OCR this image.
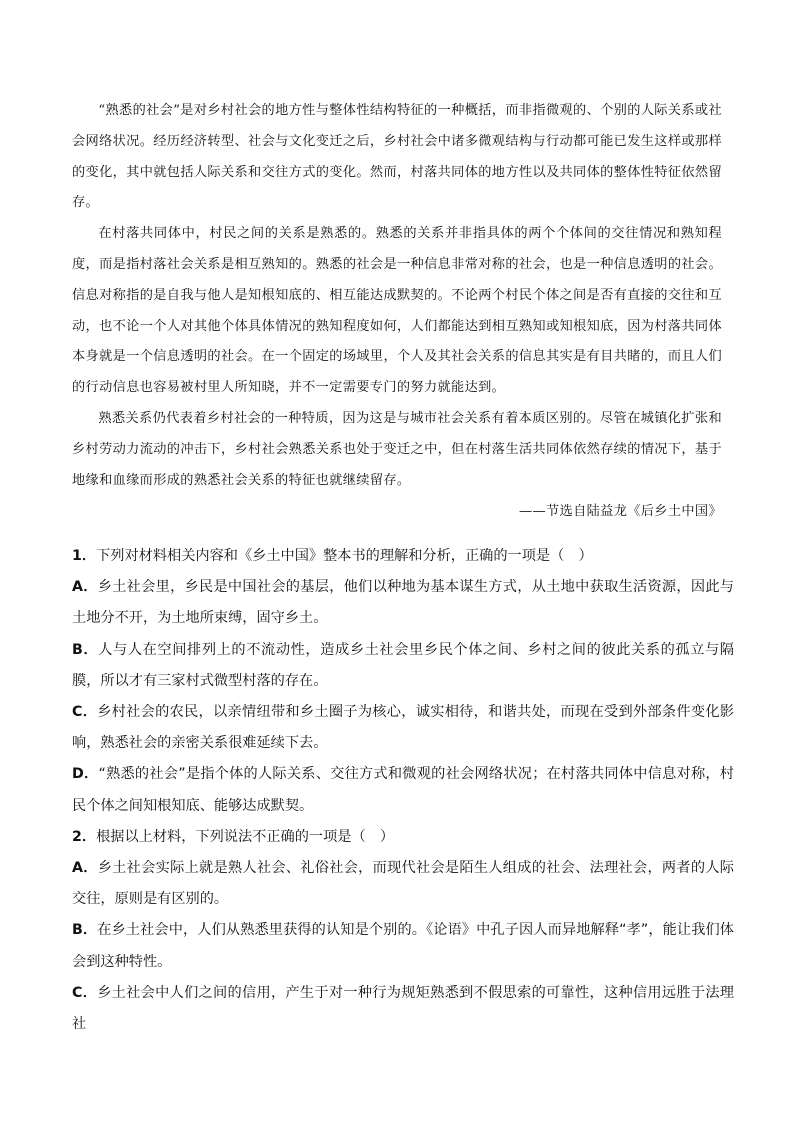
“熟悉的社会”是对乡村社会的地方性与整体性结构特征的一种概括，而非指微观的、个别的人际关系或社会网络状况。经历经济转型、社会与文化变迁之后，乡村社会中诸多微观结构与行动都可能已发生这样或那样的变化，其中就包括人际关系和交往方式的变化。然而，村落共同体的地方性以及共同体的整体性特征依然留存。

在村落共同体中，村民之间的关系是熟悉的。熟悉的关系并非指具体的两个个体间的交往情况和熟知程度，而是指村落社会关系是相互熟知的。熟悉的社会是一种信息非常对称的社会，也是一种信息透明的社会。信息对称指的是自我与他人是知根知底的、相互能达成默契的。不论两个村民个体之间是否有直接的交往和互动，也不论一个人对其他个体具体情况的熟知程度如何，人们都能达到相互熟知或知根知底，因为村落共同体本身就是一个信息透明的社会。在一个固定的场域里，个人及其社会关系的信息其实是有目共睹的，而且人们的行动信息也容易被村里人所知晓，并不一定需要专门的努力就能达到。

熟悉关系仍代表着乡村社会的一种特质，因为这是与城市社会关系有着本质区别的。尽管在城镇化扩张和乡村劳动力流动的冲击下，乡村社会熟悉关系也处于变迁之中，但在村落生活共同体依然存续的情况下，基于地缘和血缘而形成的熟悉社会关系的特征也就继续留存。

——节选自陆益龙《后乡土中国》

1．下列对材料相关内容和《乡土中国》整本书的理解和分析，正确的一项是（　）

A．乡土社会里，乡民是中国社会的基层，他们以种地为基本谋生方式，从土地中获取生活资源，因此与土地分不开，为土地所束缚，固守乡土。

B．人与人在空间排列上的不流动性，造成乡土社会里乡民个体之间、乡村之间的彼此关系的孤立与隔膜，所以才有三家村式微型村落的存在。

C．乡村社会的农民，以亲情纽带和乡土圈子为核心，诚实相待，和谐共处，而现在受到外部条件变化影响，熟悉社会的亲密关系很难延续下去。

D．“熟悉的社会”是指个体的人际关系、交往方式和微观的社会网络状况；在村落共同体中信息对称，村民个体之间知根知底、能够达成默契。

2．根据以上材料，下列说法不正确的一项是（　）

A．乡土社会实际上就是熟人社会、礼俗社会，而现代社会是陌生人组成的社会、法理社会，两者的人际交往，原则是有区别的。

B．在乡土社会中，人们从熟悉里获得的认知是个别的。《论语》中孔子因人而异地解释“孝”，能让我们体会到这种特性。

C．乡土社会中人们之间的信用，产生于对一种行为规矩熟悉到不假思索的可靠性，这种信用远胜于法理社
